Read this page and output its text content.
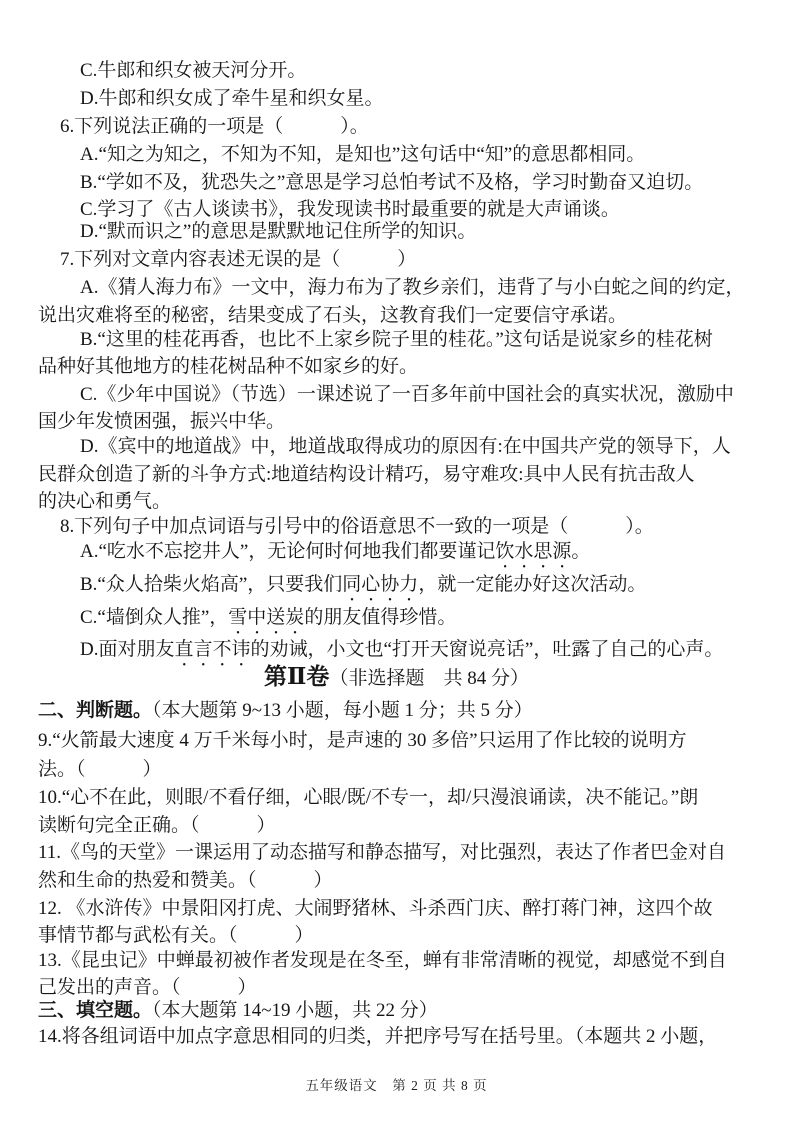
C.牛郎和织女被天河分开。
D.牛郎和织女成了牵牛星和织女星。
6.下列说法正确的一项是（　　　）。
A.“知之为知之，不知为不知，是知也”这句话中“知”的意思都相同。
B.“学如不及，犹恐失之”意思是学习总怕考试不及格，学习时勤奋又迫切。
C.学习了《古人谈读书》，我发现读书时最重要的就是大声诵谈。
D.“默而识之”的意思是默默地记住所学的知识。
7.下列对文章内容表述无误的是（　　　）
A.《猜人海力布》一文中，海力布为了教乡亲们，违背了与小白蛇之间的约定，
说出灾难将至的秘密，结果变成了石头，这教育我们一定要信守承诺。
B.“这里的桂花再香，也比不上家乡院子里的桂花。”这句话是说家乡的桂花树
品种好其他地方的桂花树品种不如家乡的好。
C.《少年中国说》（节选）一课述说了一百多年前中国社会的真实状况，激励中
国少年发愤困强，振兴中华。
D.《宾中的地道战》中，地道战取得成功的原因有:在中国共产党的领导下，人
民群众创造了新的斗争方式:地道结构设计精巧，易守难攻:具中人民有抗击敌人
的决心和勇气。
8.下列句子中加点词语与引号中的俗语意思不一致的一项是（　　　）。
A.“吃水不忘挖井人”，无论何时何地我们都要谨记饮水思源。
B.“众人拾柴火焰高”，只要我们同心协力，就一定能办好这次活动。
C.“墙倒众人推”，雪中送炭的朋友值得珍惜。
D.面对朋友直言不讳的劝诫，小文也“打开天窗说亮话”，吐露了自己的心声。
第Ⅱ卷（非选择题　共 84 分）
二、判断题。（本大题第 9~13 小题，每小题 1 分；共 5 分）
9.“火箭最大速度 4 万千米每小时，是声速的 30 多倍”只运用了作比较的说明方
法。（　　　）
10.“心不在此，则眼/不看仔细，心眼/既/不专一，却/只漫浪诵读，决不能记。”朗
读断句完全正确。（　　　）
11.《鸟的天堂》一课运用了动态描写和静态描写，对比强烈，表达了作者巴金对自
然和生命的热爱和赞美。（　　　）
12. 《水浒传》中景阳冈打虎、大闹野猪林、斗杀西门庆、醉打蒋门神，这四个故
事情节都与武松有关。（　　　）
13.《昆虫记》中蝉最初被作者发现是在冬至，蝉有非常清晰的视觉，却感觉不到自
己发出的声音。（　　　）
三、填空题。（本大题第 14~19 小题，共 22 分）
14.将各组词语中加点字意思相同的归类，并把序号写在括号里。（本题共 2 小题，
五年级语文　第 2 页 共 8 页
